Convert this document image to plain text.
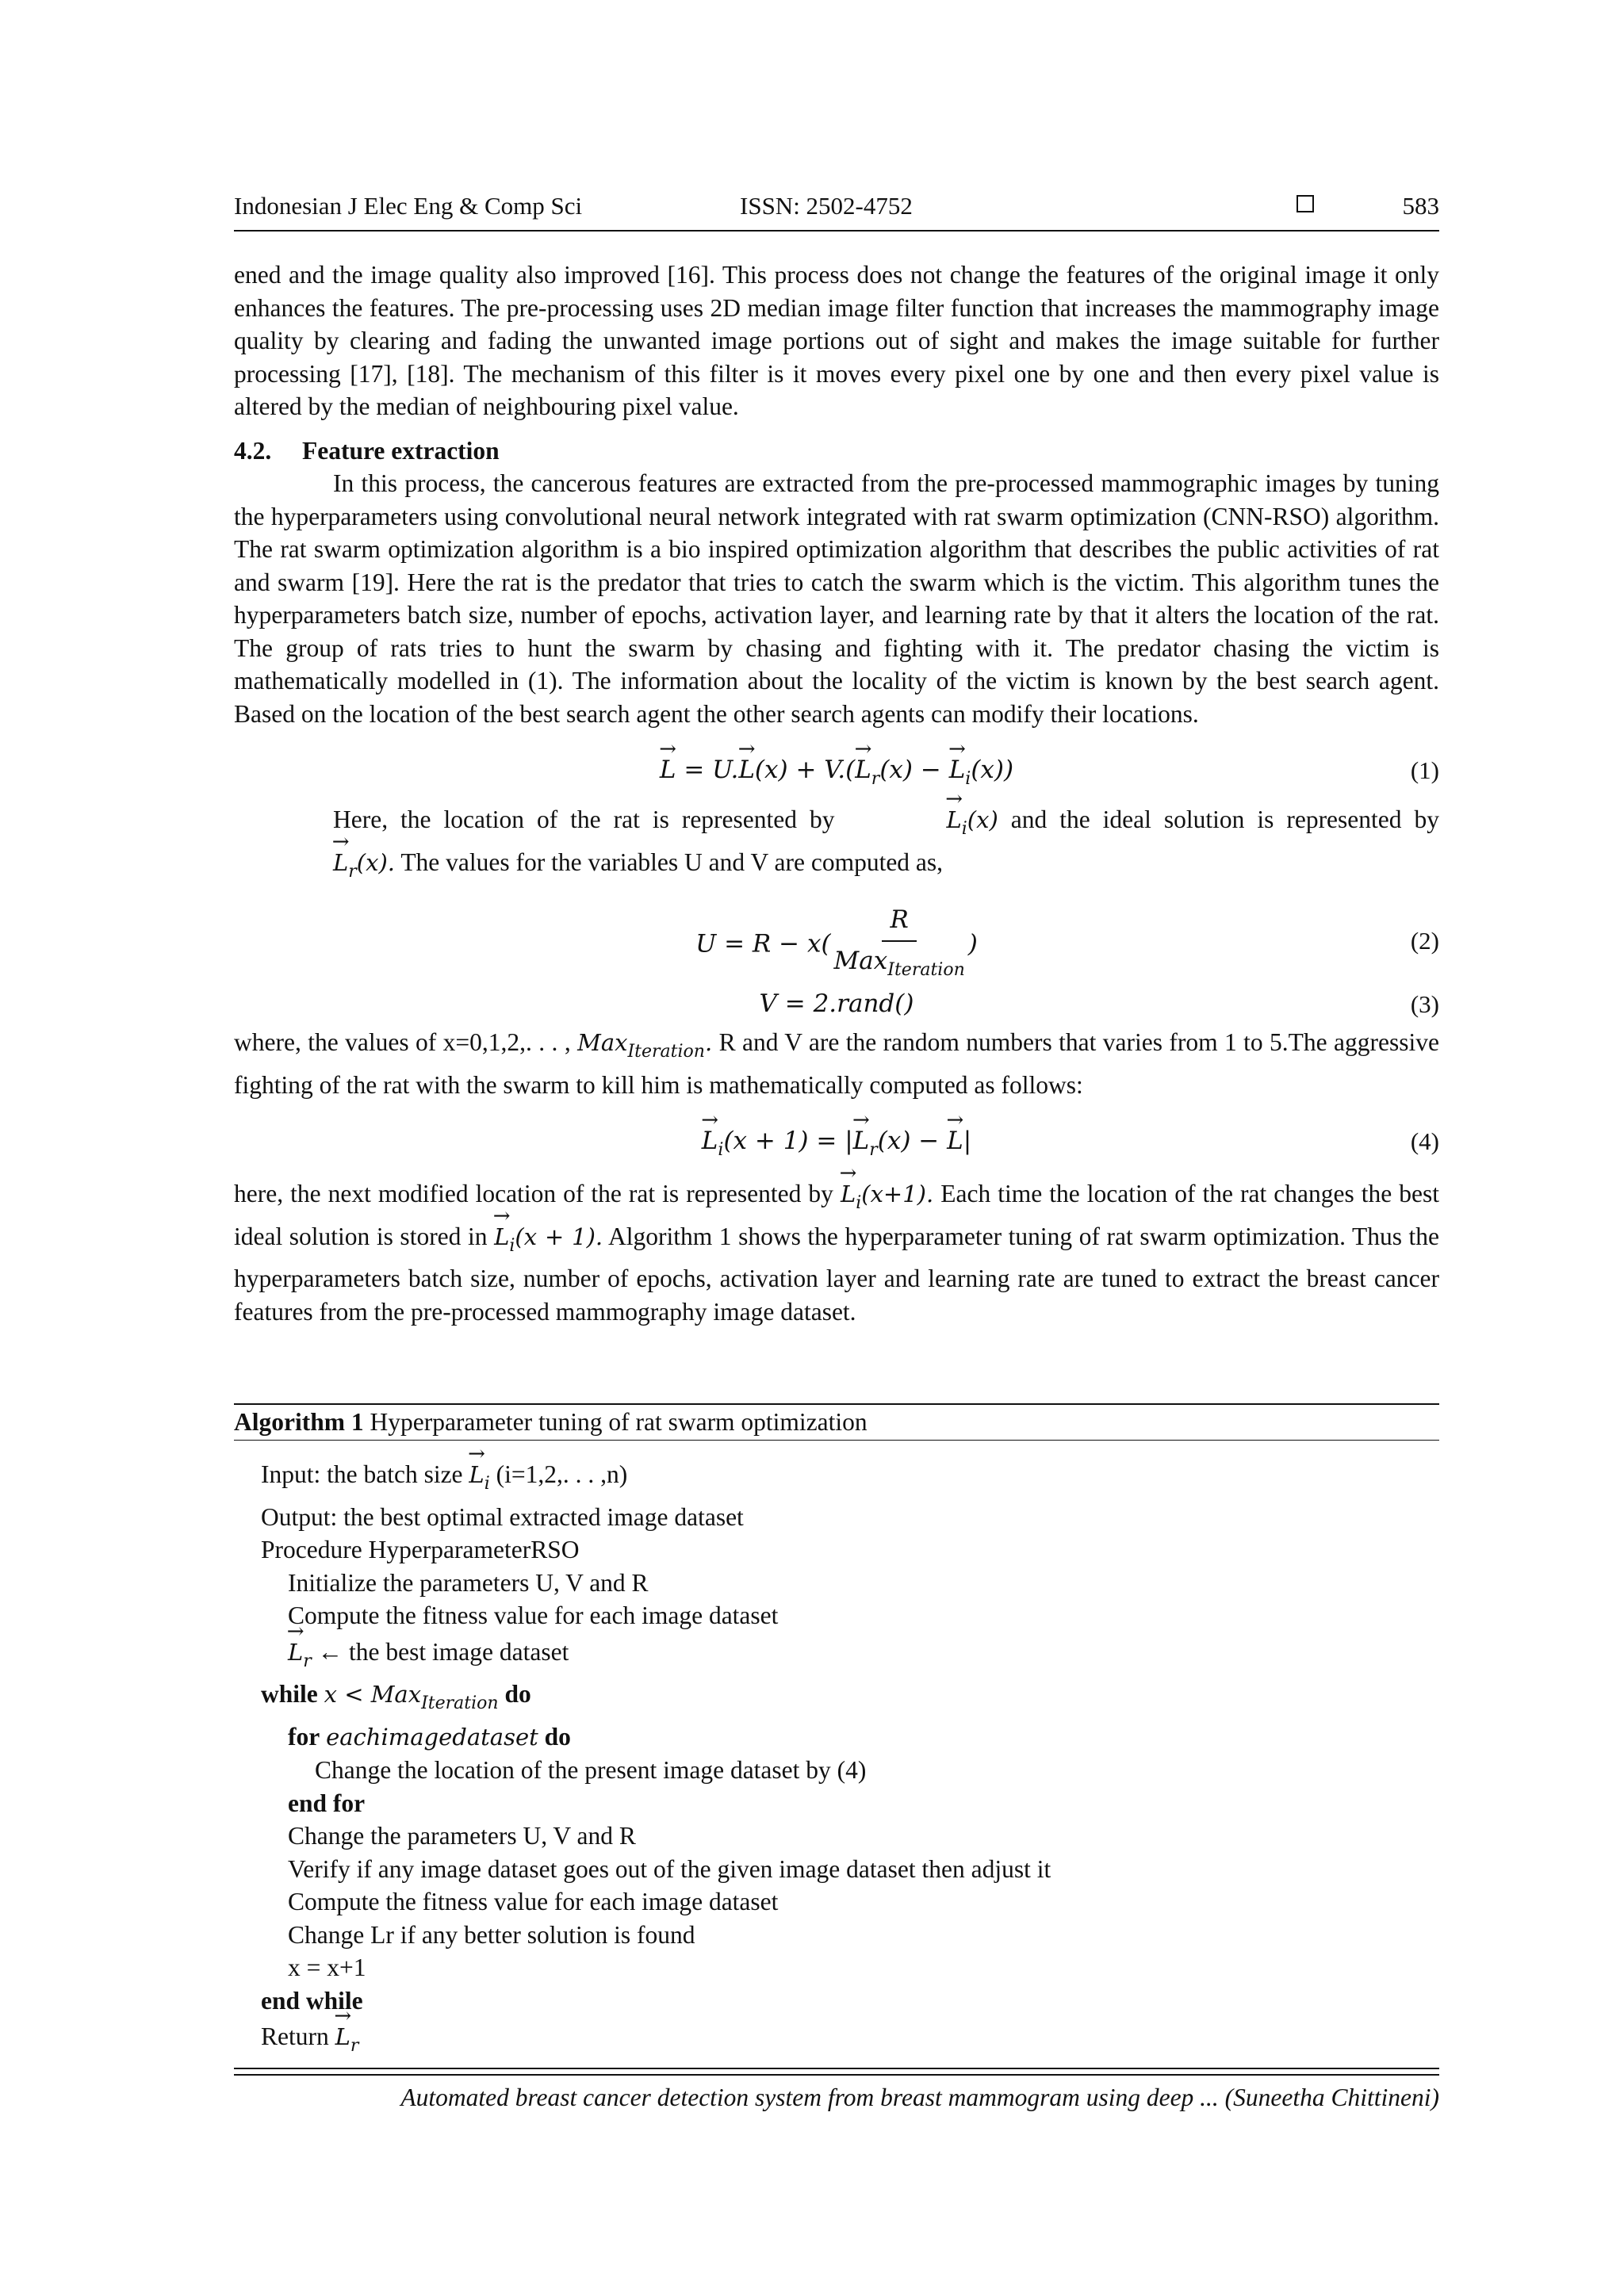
Indonesian J Elec Eng & Comp Sci	ISSN: 2502-4752	583

ened and the image quality also improved [16]. This process does not change the features of the original image it only enhances the features. The pre-processing uses 2D median image filter function that increases the mammography image quality by clearing and fading the unwanted image portions out of sight and makes the image suitable for further processing [17], [18]. The mechanism of this filter is it moves every pixel one by one and then every pixel value is altered by the median of neighbouring pixel value.

4.2. Feature extraction

In this process, the cancerous features are extracted from the pre-processed mammographic images by tuning the hyperparameters using convolutional neural network integrated with rat swarm optimization (CNN-RSO) algorithm. The rat swarm optimization algorithm is a bio inspired optimization algorithm that describes the public activities of rat and swarm [19]. Here the rat is the predator that tries to catch the swarm which is the victim. This algorithm tunes the hyperparameters batch size, number of epochs, activation layer, and learning rate by that it alters the location of the rat. The group of rats tries to hunt the swarm by chasing and fighting with it. The predator chasing the victim is mathematically modelled in (1). The information about the locality of the victim is known by the best search agent. Based on the location of the best search agent the other search agents can modify their locations.

→ $L = U.\to L(x) + V.(\to L_r(x)$ − → $L_i(x)$)	(1)

Here, the location of the rat is represented by	→ $L_i(x)$ and the ideal solution is represented by → $L_r(x)$. The values for the variables U and V are computed as,

$U = R - x( \frac{R}{Max_{Iteration}}$ )	(2)
V = 2.rand()	(3)

where, the values of x=0,1,2,. . . , Max$_{Iteration}$. R and V are the random numbers that varies from 1 to 5.The aggressive fighting of the rat with the swarm to kill him is mathematically computed as follows:

→ $L_i(x + 1)$ = |→ $L_r(x)$ − → L|	(4)

here, the next modified location of the rat is represented by → $L_i(x+1)$. Each time the location of the rat changes the best ideal solution is stored in → $L_i(x + 1)$. Algorithm 1 shows the hyperparameter tuning of rat swarm optimization. Thus the hyperparameters batch size, number of epochs, activation layer and learning rate are tuned to extract the breast cancer features from the pre-processed mammography image dataset.

Algorithm 1 Hyperparameter tuning of rat swarm optimization
Input: the batch size → $L_i$ (i=1,2,. . . ,n)
Output: the best optimal extracted image dataset
Procedure HyperparameterRSO
Initialize the parameters U, V and R
Compute the fitness value for each image dataset
→ $L_r$ ← the best image dataset
while x < Max$_{Iteration}$ do
for eachimagedataset do
Change the location of the present image dataset by (4)
end for
Change the parameters U, V and R
Verify if any image dataset goes out of the given image dataset then adjust it
Compute the fitness value for each image dataset
Change Lr if any better solution is found
x = x+1
end while
Return → $L_r$
Automated breast cancer detection system from breast mammogram using deep ... (Suneetha Chittineni)
